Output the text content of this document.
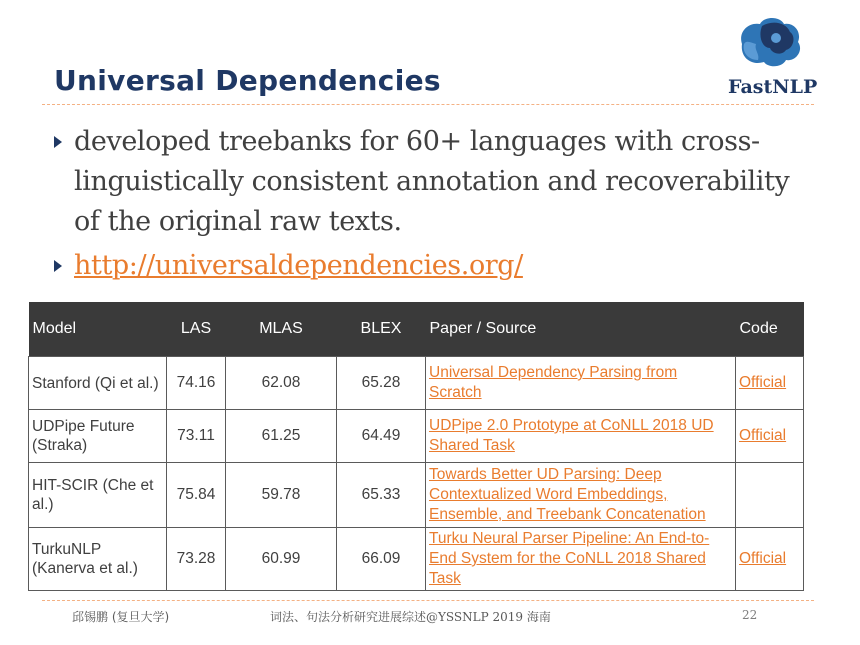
Universal Dependencies	FastNLP
developed treebanks for 60+ languages with cross-linguistically consistent annotation and recoverability of the original raw texts.
http://universaldependencies.org/
Model	LAS	MLAS	BLEX	Paper / Source	Code
Stanford (Qi et al.)	74.16	62.08	65.28	Universal Dependency Parsing from Scratch	Official
UDPipe Future (Straka)	73.11	61.25	64.49	UDPipe 2.0 Prototype at CoNLL 2018 UD Shared Task	Official
HIT-SCIR (Che et al.)	75.84	59.78	65.33	Towards Better UD Parsing: Deep Contextualized Word Embeddings, Ensemble, and Treebank Concatenation	
TurkuNLP (Kanerva et al.)	73.28	60.99	66.09	Turku Neural Parser Pipeline: An End-to-End System for the CoNLL 2018 Shared Task	Official
邱锡鹏 (复旦大学)	词法、句法分析研究进展综述@YSSNLP 2019 海南	22
